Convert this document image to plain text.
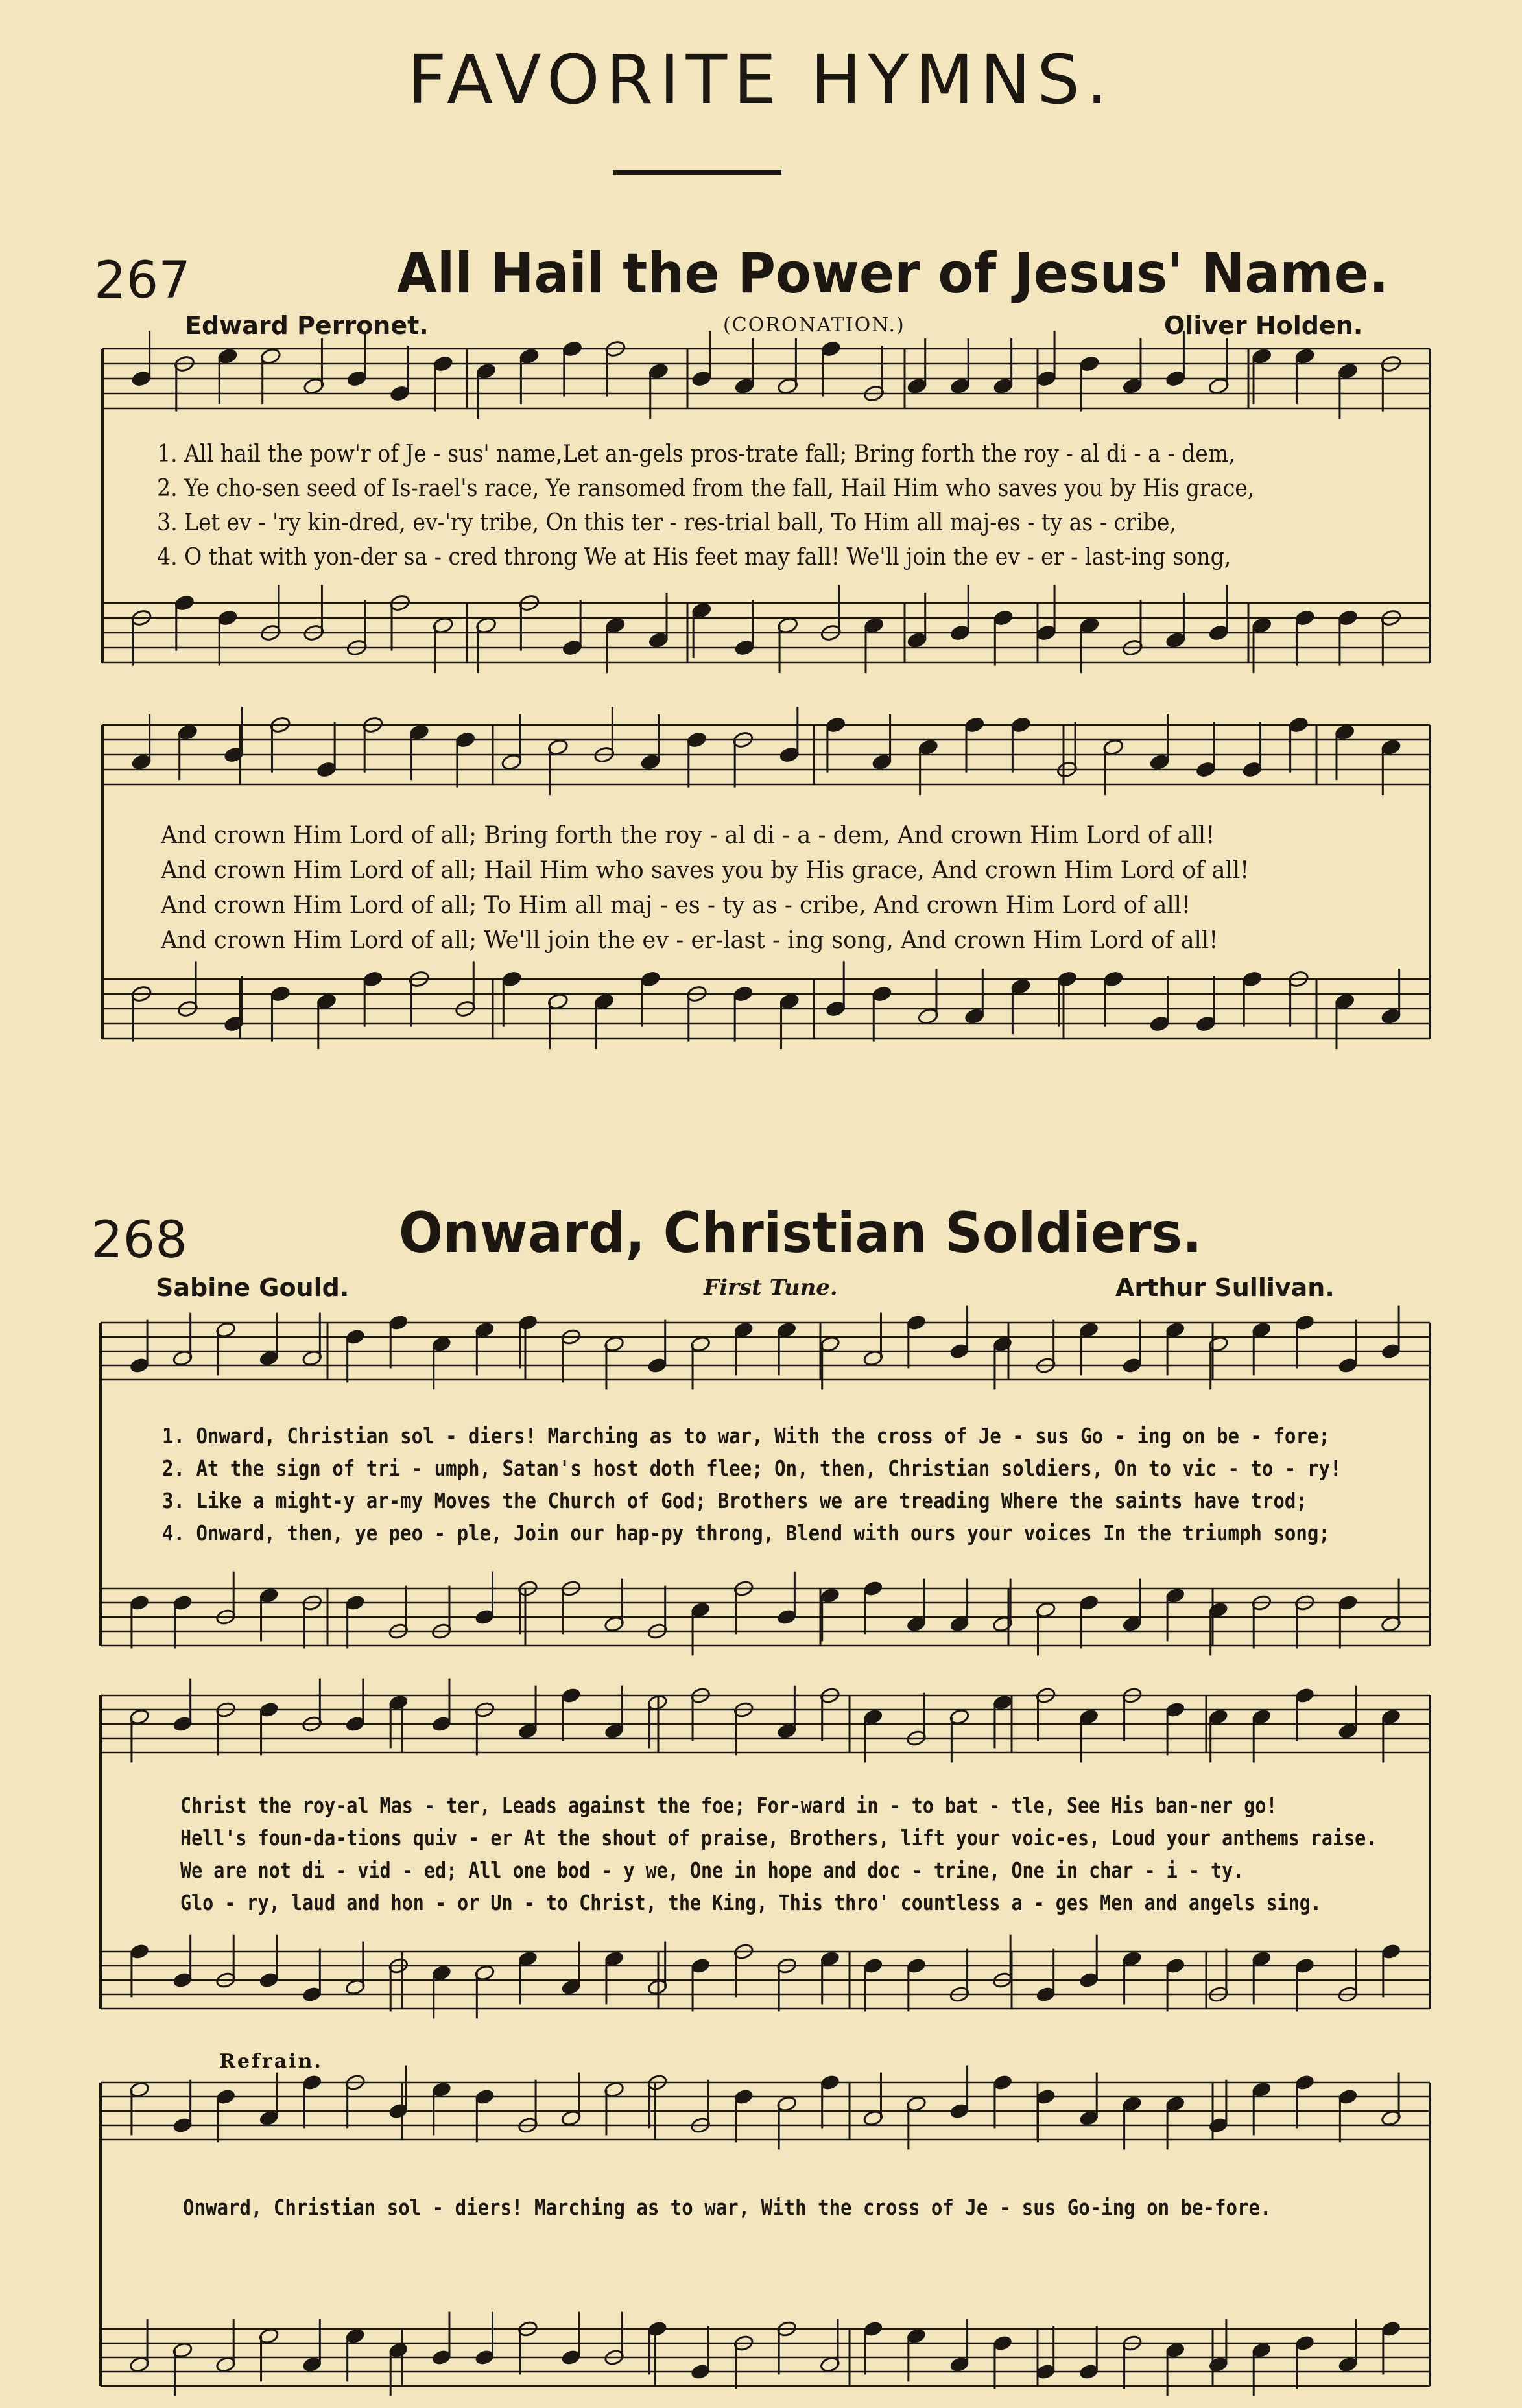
FAVORITE HYMNS.
267	All Hail the Power of Jesus' Name.
Edward Perronet.	(CORONATION.)	Oliver Holden.
1. All hail the pow'r of Je - sus' name,Let an-gels pros-trate fall; Bring forth the roy - al di - a - dem,
2. Ye cho-sen seed of Is-rael's race, Ye ransomed from the fall, Hail Him who saves you by His grace,
3. Let ev - 'ry kin-dred, ev-'ry tribe, On this ter - res-trial ball, To Him all maj-es - ty as - cribe,
4. O that with yon-der sa - cred throng We at His feet may fall! We'll join the ev - er - last-ing song,
And crown Him Lord of all; Bring forth the roy - al di - a - dem, And crown Him Lord of all!
And crown Him Lord of all; Hail Him who saves you by His grace, And crown Him Lord of all!
And crown Him Lord of all; To Him all maj - es - ty as - cribe, And crown Him Lord of all!
And crown Him Lord of all; We'll join the ev - er-last - ing song, And crown Him Lord of all!
268	Onward, Christian Soldiers.
Sabine Gould.	First Tune.	Arthur Sullivan.
1. Onward, Christian sol - diers! Marching as to war, With the cross of Je - sus Go - ing on be - fore;
2. At the sign of tri - umph, Satan's host doth flee; On, then, Christian soldiers, On to vic - to - ry!
3. Like a might-y ar-my Moves the Church of God; Brothers we are treading Where the saints have trod;
4. Onward, then, ye peo - ple, Join our hap-py throng, Blend with ours your voices In the triumph song;
Christ the roy-al Mas - ter, Leads against the foe; For-ward in - to bat - tle, See His ban-ner go!
Hell's foun-da-tions quiv - er At the shout of praise, Brothers, lift your voic-es, Loud your anthems raise.
We are not di - vid - ed; All one bod - y we, One in hope and doc - trine, One in char - i - ty.
Glo - ry, laud and hon - or Un - to Christ, the King, This thro' countless a - ges Men and angels sing.
Refrain.
Onward, Christian sol - diers! Marching as to war, With the cross of Je - sus Go-ing on be-fore.
